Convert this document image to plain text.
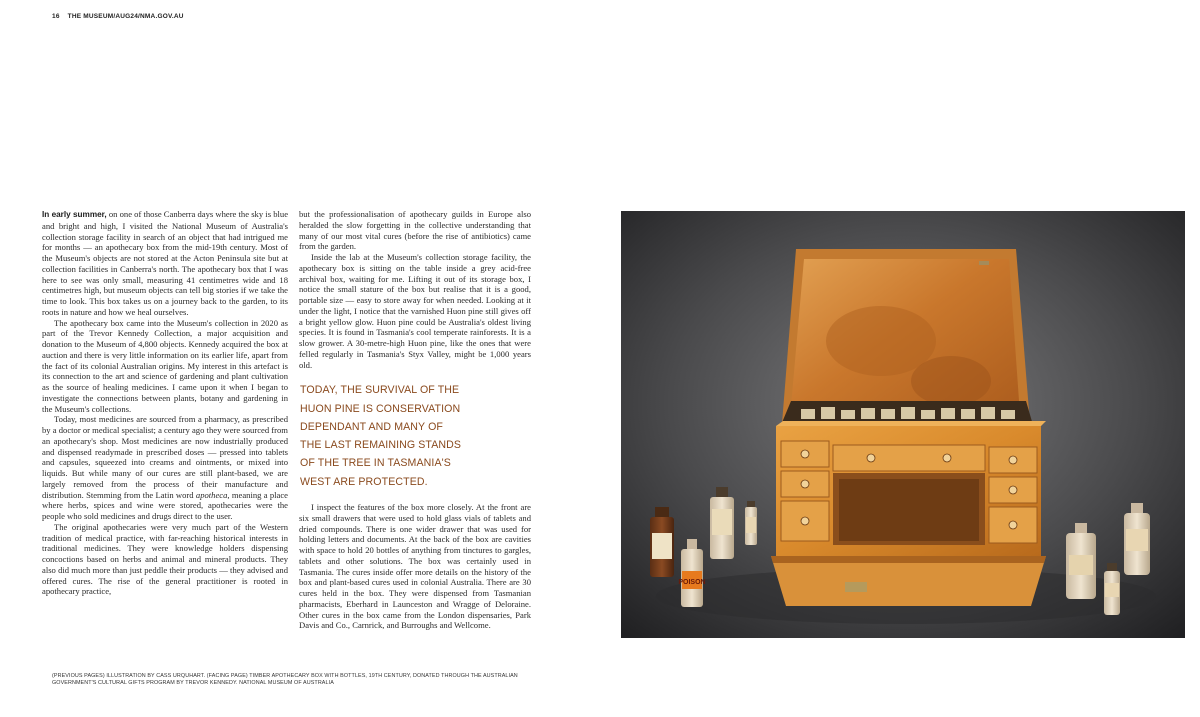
16 THE MUSEUM/AUG24/NMA.GOV.AU

In early summer, on one of those Canberra days where the sky is blue and bright and high, I visited the National Museum of Australia's collection storage facility in search of an object that had intrigued me for months — an apothecary box from the mid-19th century. Most of the Museum's objects are not stored at the Acton Peninsula site but at collection facilities in Canberra's north. The apothecary box that I was here to see was only small, measuring 41 centimetres wide and 18 centimetres high, but museum objects can tell big stories if we take the time to look. This box takes us on a journey back to the garden, to its roots in nature and how we heal ourselves.

The apothecary box came into the Museum's collection in 2020 as part of the Trevor Kennedy Collection, a major acquisition and donation to the Museum of 4,800 objects. Kennedy acquired the box at auction and there is very little information on its earlier life, apart from the fact of its colonial Australian origins. My interest in this artefact is its connection to the art and science of gardening and plant cultivation as the source of healing medicines. I came upon it when I began to investigate the connections between plants, botany and gardening in the Museum's collections.

Today, most medicines are sourced from a pharmacy, as prescribed by a doctor or medical specialist; a century ago they were sourced from an apothecary's shop. Most medicines are now industrially produced and dispensed readymade in prescribed doses — pressed into tablets and capsules, squeezed into creams and ointments, or mixed into liquids. But while many of our cures are still plant-based, we are largely removed from the process of their manufacture and distribution. Stemming from the Latin word apotheca, meaning a place where herbs, spices and wine were stored, apothecaries were the people who sold medicines and drugs direct to the user.

The original apothecaries were very much part of the Western tradition of medical practice, with far-reaching historical interests in traditional medicines. They were knowledge holders dispensing concoctions based on herbs and animal and mineral products. They also did much more than just peddle their products — they advised and offered cures. The rise of the general practitioner is rooted in apothecary practice,

but the professionalisation of apothecary guilds in Europe also heralded the slow forgetting in the collective understanding that many of our most vital cures (before the rise of antibiotics) came from the garden.

Inside the lab at the Museum's collection storage facility, the apothecary box is sitting on the table inside a grey acid-free archival box, waiting for me. Lifting it out of its storage box, I notice the small stature of the box but realise that it is a good, portable size — easy to store away for when needed. Looking at it under the light, I notice that the varnished Huon pine still gives off a bright yellow glow. Huon pine could be Australia's oldest living species. It is found in Tasmania's cool temperate rainforests. It is a slow grower. A 30-metre-high Huon pine, like the ones that were felled regularly in Tasmania's Styx Valley, might be 1,000 years old.

TODAY, THE SURVIVAL OF THE
HUON PINE IS CONSERVATION
DEPENDANT AND MANY OF
THE LAST REMAINING STANDS
OF THE TREE IN TASMANIA'S
WEST ARE PROTECTED.

I inspect the features of the box more closely. At the front are six small drawers that were used to hold glass vials of tablets and dried compounds. There is one wider drawer that was used for holding letters and documents. At the back of the box are cavities with space to hold 20 bottles of anything from tinctures to gargles, tablets and other solutions. The box was certainly used in Tasmania. The cures inside offer more details on the history of the box and plant-based cures used in colonial Australia. There are 30 cures held in the box. They were dispensed from Tasmanian pharmacists, Eberhard in Launceston and Wragge of Deloraine. Other cures in the box came from the London dispensaries, Park Davis and Co., Carnrick, and Burroughs and Wellcome.

POISON
(PREVIOUS PAGES) ILLUSTRATION BY CASS URQUHART. (FACING PAGE) TIMBER APOTHECARY BOX WITH BOTTLES, 19TH CENTURY, DONATED THROUGH THE AUSTRALIAN
GOVERNMENT'S CULTURAL GIFTS PROGRAM BY TREVOR KENNEDY. NATIONAL MUSEUM OF AUSTRALIA
